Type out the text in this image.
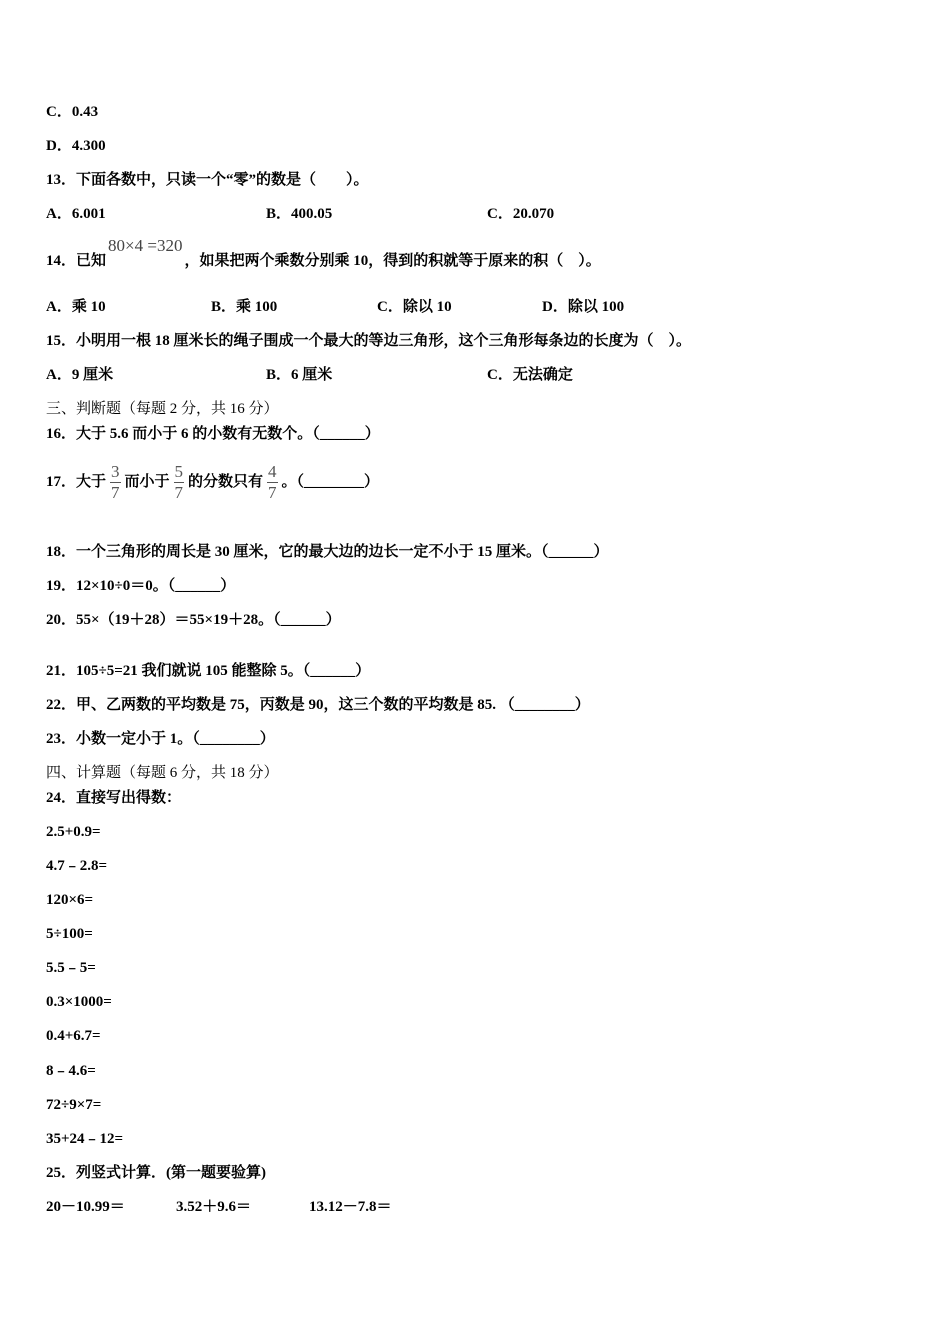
C．0.43
D．4.300
13．下面各数中，只读一个“零”的数是（　　）。
A．6.001	B．400.05	C．20.070
14．已知80×4 =320，如果把两个乘数分别乘 10，得到的积就等于原来的积（　）。
A．乘 10	B．乘 100	C．除以 10	D．除以 100
15．小明用一根 18 厘米长的绳子围成一个最大的等边三角形，这个三角形每条边的长度为（　）。
A．9 厘米	B．6 厘米	C．无法确定
三、判断题（每题 2 分，共 16 分）
16．大于 5.6 而小于 6 的小数有无数个。（______）
17．大于 $\frac{3}{7}$ 而小于 $\frac{5}{7}$ 的分数只有 $\frac{4}{7}$ 。（________）
18．一个三角形的周长是 30 厘米，它的最大边的边长一定不小于 15 厘米。（______）
19．12×10÷0＝0。（______）
20．55×（19＋28）＝55×19＋28。（______）
21．105÷5=21 我们就说 105 能整除 5。（______）
22．甲、乙两数的平均数是 75，丙数是 90，这三个数的平均数是 85. （________）
23．小数一定小于 1。（________）
四、计算题（每题 6 分，共 18 分）
24．直接写出得数：
2.5+0.9=
4.7﹣2.8=
120×6=
5÷100=
5.5﹣5=
0.3×1000=
0.4+6.7=
8﹣4.6=
72÷9×7=
35+24﹣12=
25．列竖式计算．(第一题要验算)
20－10.99＝	3.52＋9.6＝	13.12－7.8＝
